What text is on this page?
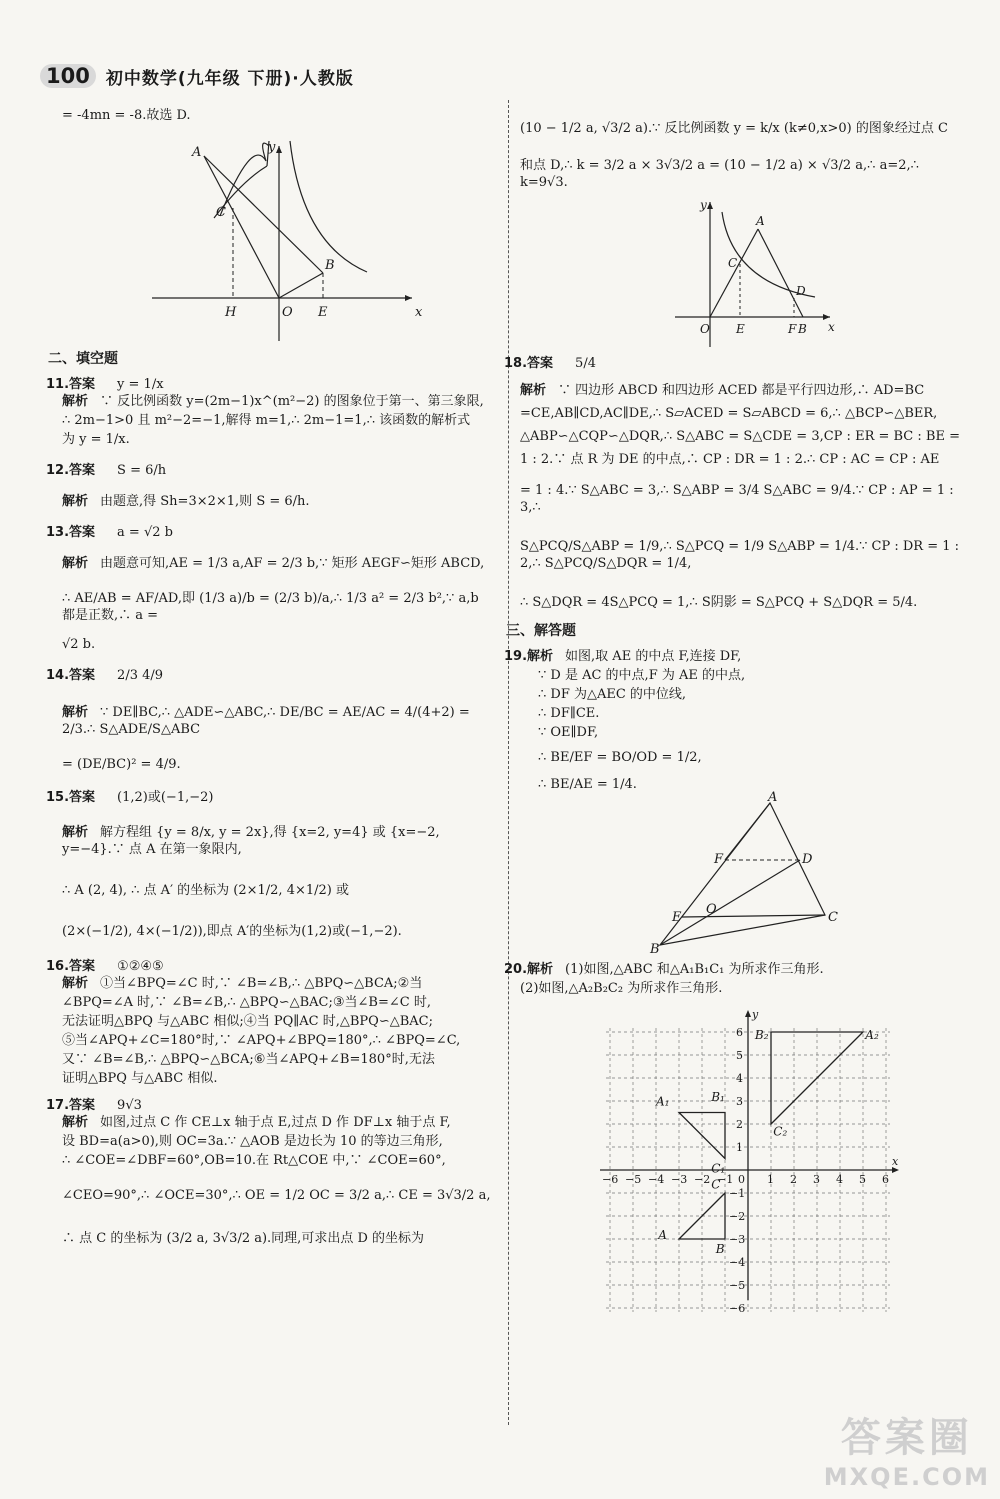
100 初中数学(九年级 下册)·人教版
= -4mn = -8.故选 D.
A
C
B
H	O E	x
y
二、填空题
11.答案 y = 1/x
解析 ∵ 反比例函数 y=(2m−1)x^(m²−2) 的图象位于第一、第三象限,
∴ 2m−1>0 且 m²−2=−1,解得 m=1,∴ 2m−1=1,∴ 该函数的解析式
为 y = 1/x.
12.答案 S = 6/h
解析 由题意,得 Sh=3×2×1,则 S = 6/h.
13.答案 a = √2 b
解析 由题意可知,AE = 1/3 a,AF = 2/3 b,∵ 矩形 AEGF∽矩形 ABCD,
∴ AE/AB = AF/AD,即 (1/3 a)/b = (2/3 b)/a,∴ 1/3 a² = 2/3 b²,∵ a,b 都是正数,∴ a =
√2 b.
14.答案 2/3 4/9
解析 ∵ DE∥BC,∴ △ADE∽△ABC,∴ DE/BC = AE/AC = 4/(4+2) = 2/3.∴ S△ADE/S△ABC
= (DE/BC)² = 4/9.
15.答案 (1,2)或(−1,−2)
解析 解方程组 {y = 8/x, y = 2x},得 {x=2, y=4} 或 {x=−2, y=−4}.∵ 点 A 在第一象限内,
∴ A (2, 4), ∴ 点 A′ 的坐标为 (2×1/2, 4×1/2) 或
(2×(−1/2), 4×(−1/2)),即点 A′的坐标为(1,2)或(−1,−2).
16.答案 ①②④⑤
解析 ①当∠BPQ=∠C 时,∵ ∠B=∠B,∴ △BPQ∽△BCA;②当
∠BPQ=∠A 时,∵ ∠B=∠B,∴ △BPQ∽△BAC;③当∠B=∠C 时,
无法证明△BPQ 与△ABC 相似;④当 PQ∥AC 时,△BPQ∽△BAC;
⑤当∠APQ+∠C=180°时,∵ ∠APQ+∠BPQ=180°,∴ ∠BPQ=∠C,
又∵ ∠B=∠B,∴ △BPQ∽△BCA;⑥当∠APQ+∠B=180°时,无法
证明△BPQ 与△ABC 相似.
17.答案 9√3
解析 如图,过点 C 作 CE⊥x 轴于点 E,过点 D 作 DF⊥x 轴于点 F,
设 BD=a(a>0),则 OC=3a.∵ △AOB 是边长为 10 的等边三角形,
∴ ∠COE=∠DBF=60°,OB=10.在 Rt△COE 中,∵ ∠COE=60°,
∠CEO=90°,∴ ∠OCE=30°,∴ OE = 1/2 OC = 3/2 a,∴ CE = 3√3/2 a,
∴ 点 C 的坐标为 (3/2 a, 3√3/2 a).同理,可求出点 D 的坐标为
(10 − 1/2 a, √3/2 a).∵ 反比例函数 y = k/x (k≠0,x>0) 的图象经过点 C
和点 D,∴ k = 3/2 a × 3√3/2 a = (10 − 1/2 a) × √3/2 a,∴ a=2,∴ k=9√3.
A
C
D
O E	F B x
y
18.答案 5/4
解析 ∵ 四边形 ABCD 和四边形 ACED 都是平行四边形,∴ AD=BC
=CE,AB∥CD,AC∥DE,∴ S▱ACED = S▱ABCD = 6,∴ △BCP∽△BER,
△ABP∽△CQP∽△DQR,∴ S△ABC = S△CDE = 3,CP : ER = BC : BE =
1 : 2.∵ 点 R 为 DE 的中点,∴ CP : DR = 1 : 2.∴ CP : AC = CP : AE
= 1 : 4.∵ S△ABC = 3,∴ S△ABP = 3/4 S△ABC = 9/4.∵ CP : AP = 1 : 3,∴
S△PCQ/S△ABP = 1/9,∴ S△PCQ = 1/9 S△ABP = 1/4.∵ CP : DR = 1 : 2,∴ S△PCQ/S△DQR = 1/4,
∴ S△DQR = 4S△PCQ = 1,∴ S阴影 = S△PCQ + S△DQR = 5/4.
三、解答题
19.解析 如图,取 AE 的中点 F,连接 DF,
∵ D 是 AC 的中点,F 为 AE 的中点,
∴ DF 为△AEC 的中位线,
∴ DF∥CE.
∵ OE∥DF,
∴ BE/EF = BO/OD = 1/2,
∴ BE/AE = 1/4.
A
F	D
E
O
C
B
20.解析 (1)如图,△ABC 和△A₁B₁C₁ 为所求作三角形.
(2)如图,△A₂B₂C₂ 为所求作三角形.
−6 −5 −4 −3 −2 −1 0 1 2 3 4 5 6
6
5
4
3
2
1
−1
−2
−3
−4
−5
−6
x
y
A
B
C
A₁	B₁
C₁
A₂
B₂
C₂
答案圈
MXQE.COM
